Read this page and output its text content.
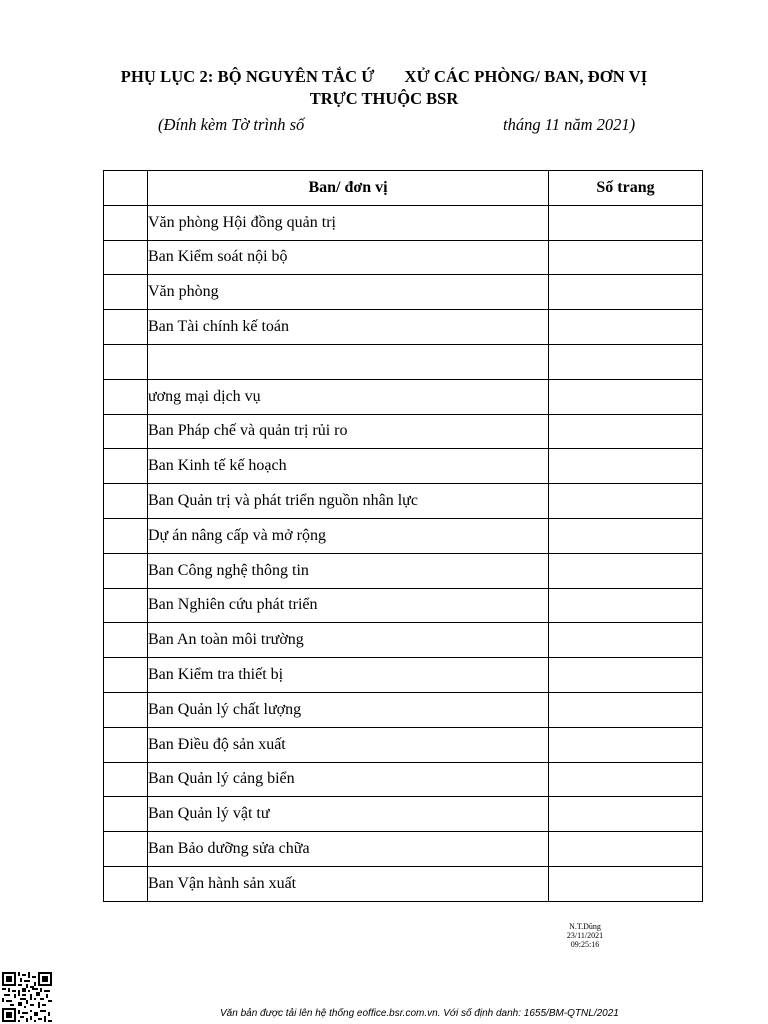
PHỤ LỤC 2: BỘ NGUYÊN TẮC Ứ XỬ CÁC PHÒNG/ BAN, ĐƠN VỊ
TRỰC THUỘC BSR
(Đính kèm Tờ trình số	tháng 11 năm 2021)
	Ban/ đơn vị	Số trang
	Văn phòng Hội đồng quản trị	
	Ban Kiểm soát nội bộ	
	Văn phòng	
	Ban Tài chính kế toán	

	ương mại dịch vụ	
	Ban Pháp chế và quản trị rủi ro	
	Ban Kinh tế kế hoạch	
	Ban Quản trị và phát triển nguồn nhân lực	
	Dự án nâng cấp và mở rộng	
	Ban Công nghệ thông tin	
	Ban Nghiên cứu phát triển	
	Ban An toàn môi trường	
	Ban Kiểm tra thiết bị	
	Ban Quản lý chất lượng	
	Ban Điều độ sản xuất	
	Ban Quản lý cảng biển	
	Ban Quản lý vật tư	
	Ban Bảo dưỡng sửa chữa	
	Ban Vận hành sản xuất	
N.T.Dũng
23/11/2021
09:25:16
Văn bản được tải lên hệ thống eoffice.bsr.com.vn. Với số định danh: 1655/BM-QTNL/2021
